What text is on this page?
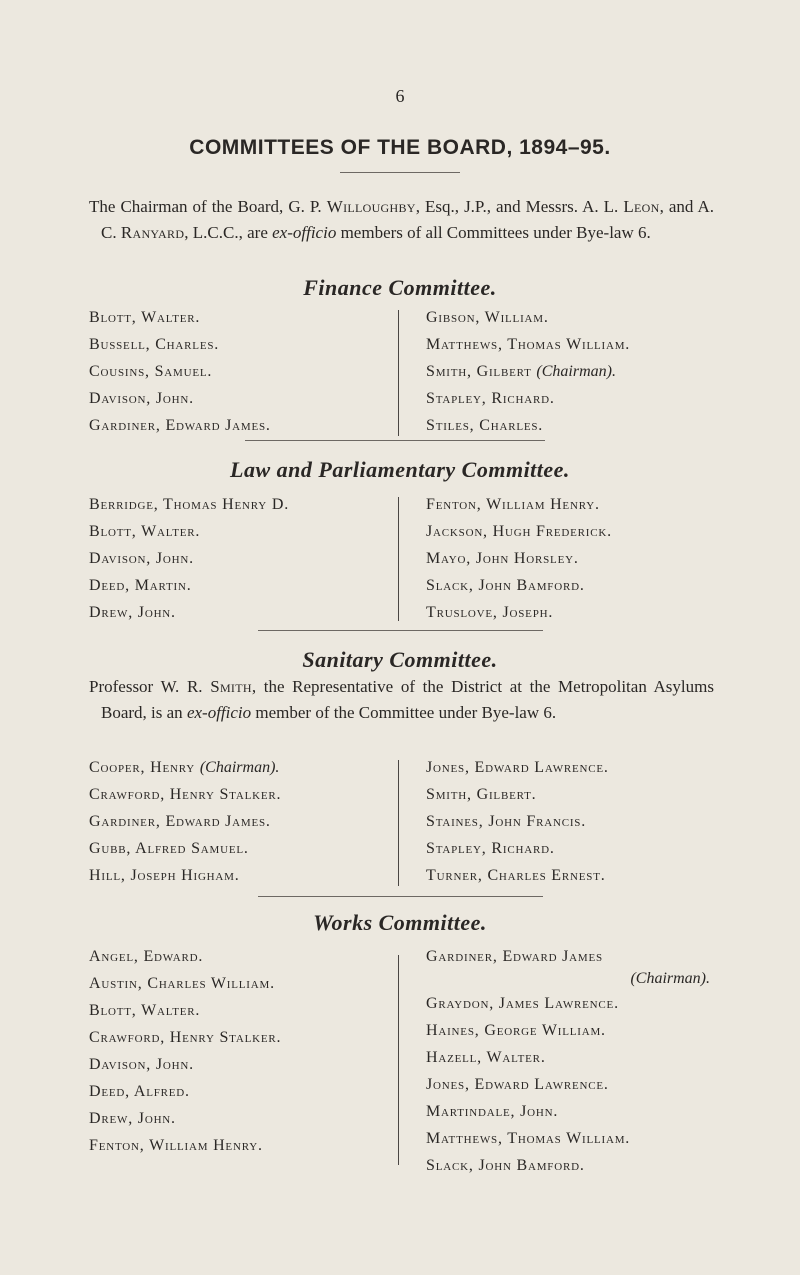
6
COMMITTEES OF THE BOARD, 1894–95.
The Chairman of the Board, G. P. Willoughby, Esq., J.P., and Messrs. A. L. Leon, and A. C. Ranyard, L.C.C., are ex-officio members of all Committees under Bye-law 6.
Finance Committee.
Blott, Walter.
Bussell, Charles.
Cousins, Samuel.
Davison, John.
Gardiner, Edward James.
Gibson, William.
Matthews, Thomas William.
Smith, Gilbert (Chairman).
Stapley, Richard.
Stiles, Charles.
Law and Parliamentary Committee.
Berridge, Thomas Henry D.
Blott, Walter.
Davison, John.
Deed, Martin.
Drew, John.
Fenton, William Henry.
Jackson, Hugh Frederick.
Mayo, John Horsley.
Slack, John Bamford.
Truslove, Joseph.
Sanitary Committee.
Professor W. R. Smith, the Representative of the District at the Metropolitan Asylums Board, is an ex-officio member of the Committee under Bye-law 6.
Cooper, Henry (Chairman).
Crawford, Henry Stalker.
Gardiner, Edward James.
Gubb, Alfred Samuel.
Hill, Joseph Higham.
Jones, Edward Lawrence.
Smith, Gilbert.
Staines, John Francis.
Stapley, Richard.
Turner, Charles Ernest.
Works Committee.
Angel, Edward.
Austin, Charles William.
Blott, Walter.
Crawford, Henry Stalker.
Davison, John.
Deed, Alfred.
Drew, John.
Fenton, William Henry.
Gardiner, Edward James
(Chairman).
Graydon, James Lawrence.
Haines, George William.
Hazell, Walter.
Jones, Edward Lawrence.
Martindale, John.
Matthews, Thomas William.
Slack, John Bamford.
